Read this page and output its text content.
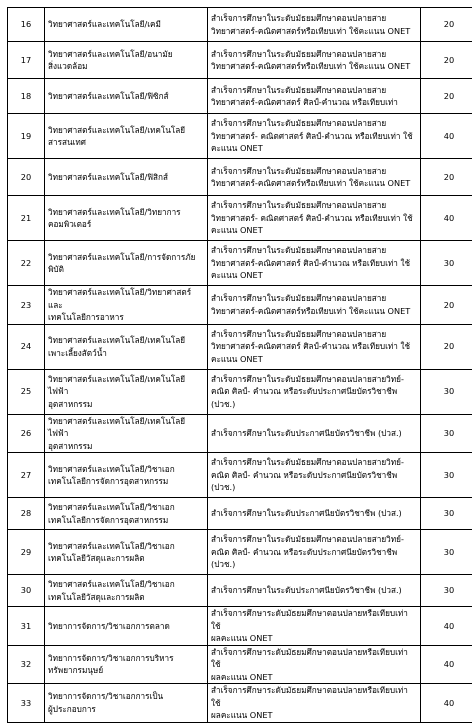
16	วิทยาศาสตร์และเทคโนโลยี/เคมี	สำเร็จการศึกษาในระดับมัธยมศึกษาตอนปลายสาย
วิทยาศาสตร์-คณิตศาสตร์หรือเทียบเท่า ใช้คะแนน ONET	20
17	วิทยาศาสตร์และเทคโนโลยี/อนามัย
สิ่งแวดล้อม	สำเร็จการศึกษาในระดับมัธยมศึกษาตอนปลายสาย
วิทยาศาสตร์-คณิตศาสตร์หรือเทียบเท่า ใช้คะแนน ONET	20
18	วิทยาศาสตร์และเทคโนโลยี/ฟิซิกส์	สำเร็จการศึกษาในระดับมัธยมศึกษาตอนปลายสาย
วิทยาศาสตร์-คณิตศาสตร์ ศิลป์-คำนวณ หรือเทียบเท่า	20
19	วิทยาศาสตร์และเทคโนโลยี/เทคโนโลยี
สารสนเทศ	สำเร็จการศึกษาในระดับมัธยมศึกษาตอนปลายสาย
วิทยาศาสตร์- คณิตศาสตร์ ศิลป์-คำนวณ หรือเทียบเท่า ใช้
คะแนน ONET	40
20	วิทยาศาสตร์และเทคโนโลยี/ฟิสิกส์	สำเร็จการศึกษาในระดับมัธยมศึกษาตอนปลายสาย
วิทยาศาสตร์-คณิตศาสตร์หรือเทียบเท่า ใช้คะแนน ONET	20
21	วิทยาศาสตร์และเทคโนโลยี/วิทยาการ
คอมพิวเตอร์	สำเร็จการศึกษาในระดับมัธยมศึกษาตอนปลายสาย
วิทยาศาสตร์- คณิตศาสตร์ ศิลป์-คำนวณ หรือเทียบเท่า ใช้
คะแนน ONET	40
22	วิทยาศาสตร์และเทคโนโลยี/การจัดการภัย
พิบัติ	สำเร็จการศึกษาในระดับมัธยมศึกษาตอนปลายสาย
วิทยาศาสตร์-คณิตศาสตร์ ศิลป์-คำนวณ หรือเทียบเท่า ใช้
คะแนน ONET	30
23	วิทยาศาสตร์และเทคโนโลยี/วิทยาศาสตร์และ
เทคโนโลยีการอาหาร	สำเร็จการศึกษาในระดับมัธยมศึกษาตอนปลายสาย
วิทยาศาสตร์-คณิตศาสตร์หรือเทียบเท่า ใช้คะแนน ONET	20
24	วิทยาศาสตร์และเทคโนโลยี/เทคโนโลยี
เพาะเลี้ยงสัตว์น้ำ	สำเร็จการศึกษาในระดับมัธยมศึกษาตอนปลายสาย
วิทยาศาสตร์-คณิตศาสตร์ ศิลป์-คำนวณ หรือเทียบเท่า ใช้
คะแนน ONET	20
25	วิทยาศาสตร์และเทคโนโลยี/เทคโนโลยีไฟฟ้า
อุตสาหกรรม	สำเร็จการศึกษาในระดับมัธยมศึกษาตอนปลายสายวิทย์-
คณิต ศิลป์- คำนวณ หรือระดับประกาศนียบัตรวิชาชีพ
(ปวช.)	30
26	วิทยาศาสตร์และเทคโนโลยี/เทคโนโลยีไฟฟ้า
อุตสาหกรรม	สำเร็จการศึกษาในระดับประกาศนียบัตรวิชาชีพ (ปวส.)	30
27	วิทยาศาสตร์และเทคโนโลยี/วิชาเอก
เทคโนโลยีการจัดการอุตสาหกรรม	สำเร็จการศึกษาในระดับมัธยมศึกษาตอนปลายสายวิทย์-
คณิต ศิลป์- คำนวณ หรือระดับประกาศนียบัตรวิชาชีพ
(ปวช.)	30
28	วิทยาศาสตร์และเทคโนโลยี/วิชาเอก
เทคโนโลยีการจัดการอุตสาหกรรม	สำเร็จการศึกษาในระดับประกาศนียบัตรวิชาชีพ (ปวส.)	30
29	วิทยาศาสตร์และเทคโนโลยี/วิชาเอก
เทคโนโลยีวัสดุและการผลิต	สำเร็จการศึกษาในระดับมัธยมศึกษาตอนปลายสายวิทย์-
คณิต ศิลป์- คำนวณ หรือระดับประกาศนียบัตรวิชาชีพ
(ปวช.)	30
30	วิทยาศาสตร์และเทคโนโลยี/วิชาเอก
เทคโนโลยีวัสดุและการผลิต	สำเร็จการศึกษาในระดับประกาศนียบัตรวิชาชีพ (ปวส.)	30
31	วิทยาการจัดการ/วิชาเอกการตลาด	สำเร็จการศึกษาระดับมัธยมศึกษาตอนปลายหรือเทียบเท่าใช้
ผลคะแนน ONET	40
32	วิทยาการจัดการ/วิชาเอกการบริหาร
ทรัพยากรมนุษย์	สำเร็จการศึกษาระดับมัธยมศึกษาตอนปลายหรือเทียบเท่าใช้
ผลคะแนน ONET	40
33	วิทยาการจัดการ/วิชาเอกการเป็น
ผู้ประกอบการ	สำเร็จการศึกษาระดับมัธยมศึกษาตอนปลายหรือเทียบเท่าใช้
ผลคะแนน ONET	40
